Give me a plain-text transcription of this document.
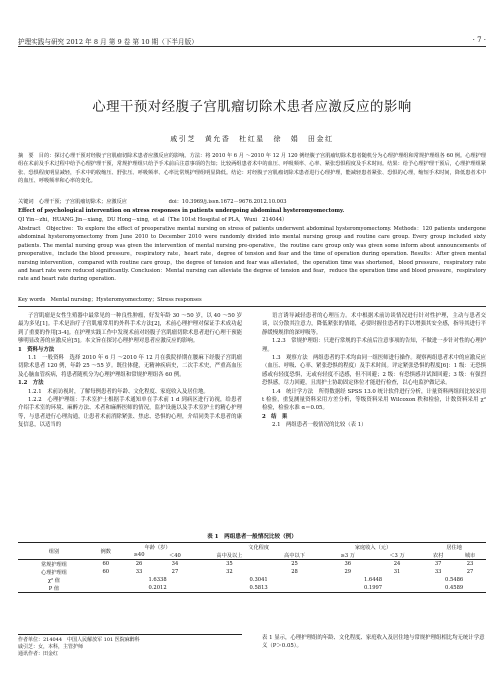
护理实践与研究 2012 年 8 月 第 9 卷 第 10 期（下半月版）	· 7 ·
心理干预对经腹子宫肌瘤切除术患者应激反应的影响
戚引芝　黄允香　杜红星　徐　娟　田金红
摘　要　目的：探讨心理干预对经腹子宫肌瘤切除术患者应激反应的影响。方法：将 2010 年 6 月 ～2010 年 12 月 120 例经腹子宫肌瘤切除术患者随机分为心理护理组和常规护理组各 60 例。心理护理组在术前及手术过程中给予心理护理干预，常规护理组只给予手术前后注意事项的告知；比较两组患者术中的血压、呼吸频率、心率、紧张恐惧程度及手术时间。结果：给予心理护理干预后，心理护理组紧张、恐惧程度明显减轻，手术中的收缩压、舒张压、呼吸频率、心率比常规护理组明显降低。结论：对经腹子宫肌瘤切除术患者进行心理护理，能减轻患者紧张、恐惧的心理，缩短手术时间，降低患者术中的血压、呼吸频率和心率的变化。
关键词　心理干预；子宫肌瘤切除术；应激反应	doi：10.3969/j.issn.1672－9676.2012.10.003
Effect of psychological intervention on stress responses in patients undergoing abdominal hysteromyomectomy.
QI Yin－zhi，HUANG Jin－xiang，DU Hong－xing，et al（The 101st Hospital of PLA，Wuxi　214044）
Abstract　Objective：To explore the effect of preoperative mental nursing on stress of patients underwent abdominal hysteromyomectomy. Methods：120 patients undergone abdominal hysteromyomectomy from June 2010 to December 2010 were randomly divided into mental nursing group and routine care group. Every group included sixty patients. The mental nursing group was given the intervention of mental nursing pre-operative，the routine care group only was given some inform about announcements of preoperative，include the blood pressure，respiratory rate，heart rate，degree of tension and fear and the time of operation during operation. Results：After given mental nursing intervention，compared with routine care group，the degree of tension and fear was alleviated，the operation time was shortened，blood pressure，respiratory rate and heart rate were reduced significantly. Conclusion：Mental nursing can alleviate the degree of tension and fear，reduce the operation time and blood pressure，respiratory rate and heart rate during operation.
Key words　Mental nursing；Hysteromyomectomy；Stress responses

子宫肌瘤是女性生殖器中最常见的一种良性肿瘤，好发年龄 30 ～50 岁，以 40 ～50 岁最为多见[1]。手术是治疗子宫肌瘤常用的外科手术方法[2]，术前心理护理对保证手术成功起到了重要的作用[3-4]。在护理实践工作中发现术前对经腹子宫肌瘤切除术患者进行心理干预能够明显改善的应激反应[5]。本文旨在探讨心理护理对患者应激反应的影响。

1　资料与方法

1.1　一般资料　选择 2010 年 6 月 ～2010 年 12 月在我院择期在腰麻下经腹子宫肌瘤切除术患者 120 例，年龄 25 ～55 岁。既往体健，无精神疾病史，二次手术史，严重高血压及心脑血管疾病，将患者随机分为心理护理组和常规护理组各 60 例。

1.2　方法

1.2.1　术前访视时，了解每例患者的年龄、文化程度、家庭收入及居住地。

1.2.2　心理护理组：手术室护士根据手术通知单在手术前 1 d 到病区进行访视，给患者介绍手术室的环境、麻醉方法、术者和麻醉医师的情况，监护设施以及手术室护士的精心护理等，与患者进行心理沟通，让患者术前消除紧张、焦虑、恐惧的心理，介绍同类手术患者的康复信息，以适当的

语言诱导减轻患者的心理压力。术中根据术前访谈情况进行针对性护理，主动与患者交谈，以分散其注意力，降低紧张的情绪，必要时握住患者的手以增强其安全感，指导其进行平静缓慢规律的深呼吸等。

1.2.3　常规护理组：只进行常规的手术前后注意事项的告知，不做进一步针对性的心理护理。

1.3　观察方法　两组患者的手术均由同一组医师进行操作。观察两组患者术中的应激反应（血压、呼吸、心率、紧张恐惧的程度）及手术时间。评定紧张恐惧的程度[6]：1 级：无恐惧感或有轻度恐惧，无或有轻度不适感，但不回避；2 级：有恐惧感并试图回避；3 级：有强烈恐惧感，尽力回避，且需护士协助固定体位才能进行检查，以心电监护做记录。

1.4　统计学方法　所得数据经 SPSS 13.0 统计软件进行分析，计量资料两组间比较采用 t 检验，重复测量资料采用方差分析，等级资料采用 Wilcoxon 秩和检验，计数资料采用 χ² 检验，检验水准 α＝0.05。

2　结　果

2.1　两组患者一般情况的比较（表 1）

表 1　两组患者一般情况比较（例）
组别	例数	年龄（岁）		文化程度		家庭收入（元）		居住地	
		≥40	＜40	高中及以上	高中以下	≥3 万	＜3 万	农村	城市
常规护理组	60	26	34	35	25	36	24	37	23
心理护理组	60	33	27	32	28	29	31	33	27
χ² 值		1.6338		0.3041		1.6448		0.5486	
P 值		0.2012		0.5813		0.1997		0.4589	
作者单位：214044　中国人民解放军 101 医院麻醉科
戚引芝：女，本科，主管护师
通讯作者：田金红
表 1 显示，心理护理组的年龄、文化程度、家庭收入及居住地与常规护理组相比均无统计学意义（P＞0.05）。
